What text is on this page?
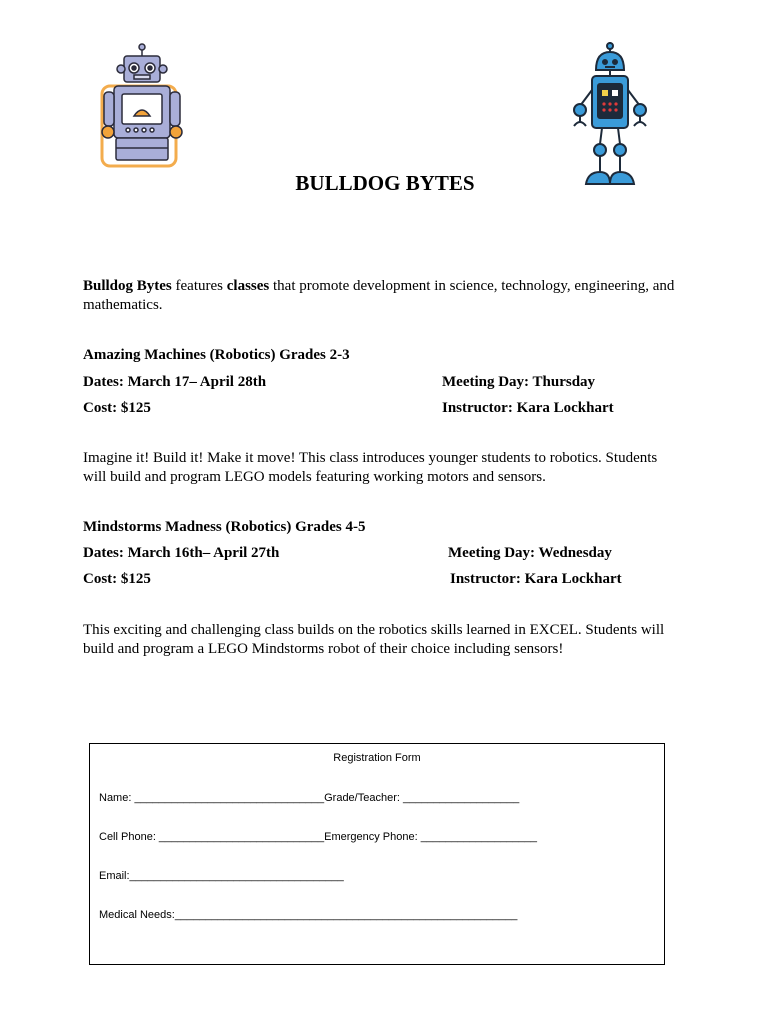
BULLDOG BYTES
Bulldog Bytes features classes that promote development in science, technology, engineering, and mathematics.
Amazing Machines (Robotics) Grades 2-3
Dates: March 17– April 28th	Meeting Day: Thursday
Cost: $125	Instructor: Kara Lockhart
Imagine it! Build it! Make it move! This class introduces younger students to robotics. Students will build and program LEGO models featuring working motors and sensors.
Mindstorms Madness (Robotics) Grades 4-5
Dates: March 16th– April 27th	Meeting Day: Wednesday
Cost: $125	Instructor: Kara Lockhart
This exciting and challenging class builds on the robotics skills learned in EXCEL. Students will build and program a LEGO Mindstorms robot of their choice including sensors!
Registration Form
Name: _______________________________Grade/Teacher: ___________________
Cell Phone: ___________________________Emergency Phone: ___________________
Email:___________________________________
Medical Needs:________________________________________________________
